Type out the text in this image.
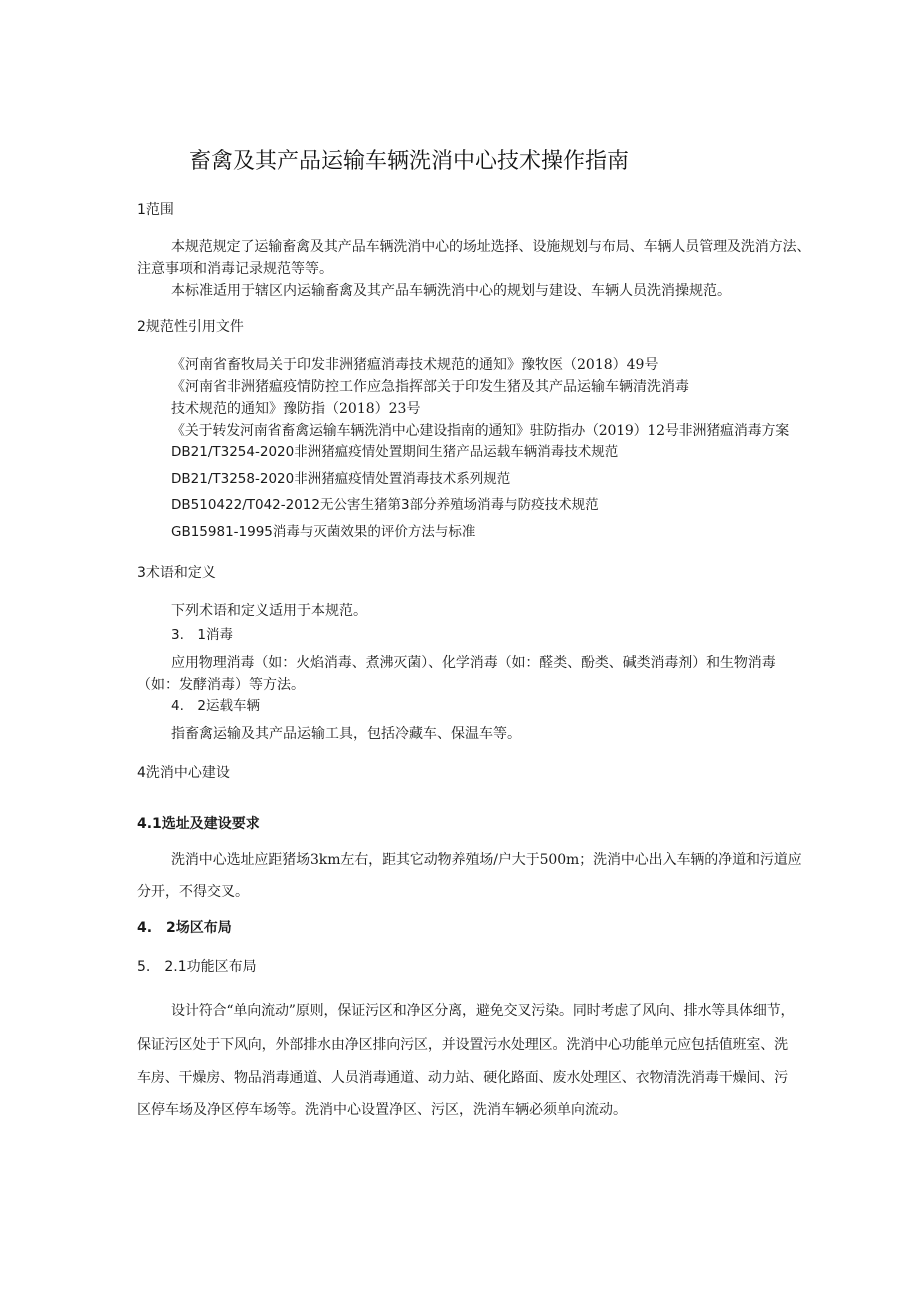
畜禽及其产品运输车辆洗消中心技术操作指南
1范围
本规范规定了运输畜禽及其产品车辆洗消中心的场址选择、设施规划与布局、车辆人员管理及洗消方法、
注意事项和消毒记录规范等等。
本标准适用于辖区内运输畜禽及其产品车辆洗消中心的规划与建设、车辆人员洗消操规范。
2规范性引用文件
《河南省畜牧局关于印发非洲猪瘟消毒技术规范的通知》豫牧医（2018）49号
《河南省非洲猪瘟疫情防控工作应急指挥部关于印发生猪及其产品运输车辆清洗消毒
技术规范的通知》豫防指（2018）23号
《关于转发河南省畜禽运输车辆洗消中心建设指南的通知》驻防指办（2019）12号非洲猪瘟消毒方案
DB21/T3254-2020非洲猪瘟疫情处置期间生猪产品运载车辆消毒技术规范
DB21/T3258-2020非洲猪瘟疫情处置消毒技术系列规范
DB510422/T042-2012无公害生猪第3部分养殖场消毒与防疫技术规范
GB15981-1995消毒与灭菌效果的评价方法与标准
3术语和定义
下列术语和定义适用于本规范。
3.　1消毒
应用物理消毒（如：火焰消毒、煮沸灭菌）、化学消毒（如：醛类、酚类、碱类消毒剂）和生物消毒
（如：发酵消毒）等方法。
4.　2运载车辆
指畜禽运输及其产品运输工具，包括冷藏车、保温车等。
4洗消中心建设
4.1选址及建设要求
洗消中心选址应距猪场3km左右，距其它动物养殖场/户大于500m；洗消中心出入车辆的净道和污道应
分开，不得交叉。
4.　2场区布局
5.　2.1功能区布局
设计符合“单向流动”原则，保证污区和净区分离，避免交叉污染。同时考虑了风向、排水等具体细节，
保证污区处于下风向，外部排水由净区排向污区，并设置污水处理区。洗消中心功能单元应包括值班室、洗
车房、干燥房、物品消毒通道、人员消毒通道、动力站、硬化路面、废水处理区、衣物清洗消毒干燥间、污
区停车场及净区停车场等。洗消中心设置净区、污区，洗消车辆必须单向流动。
